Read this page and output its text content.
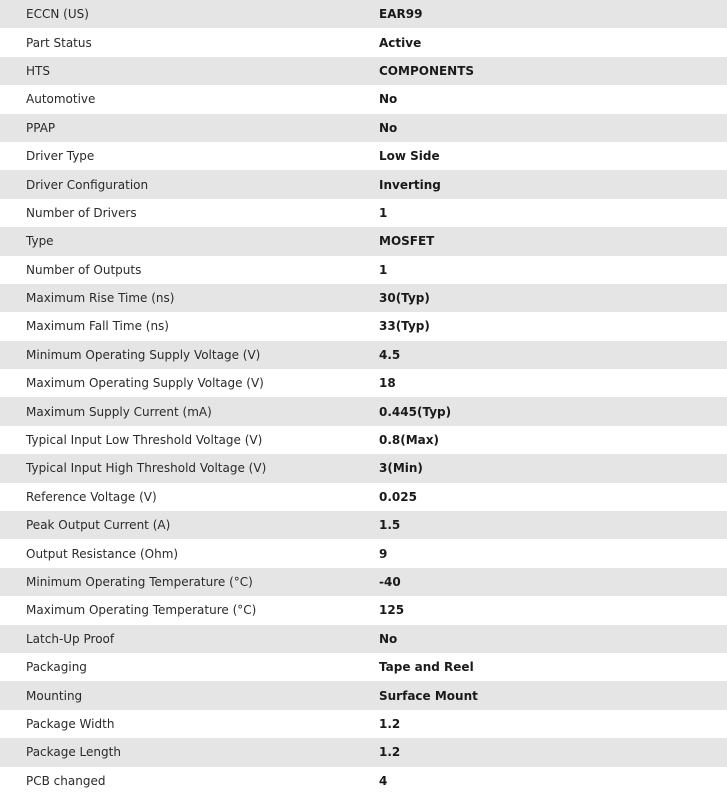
ECCN (US)	EAR99
Part Status	Active
HTS	COMPONENTS
Automotive	No
PPAP	No
Driver Type	Low Side
Driver Configuration	Inverting
Number of Drivers	1
Type	MOSFET
Number of Outputs	1
Maximum Rise Time (ns)	30(Typ)
Maximum Fall Time (ns)	33(Typ)
Minimum Operating Supply Voltage (V)	4.5
Maximum Operating Supply Voltage (V)	18
Maximum Supply Current (mA)	0.445(Typ)
Typical Input Low Threshold Voltage (V)	0.8(Max)
Typical Input High Threshold Voltage (V)	3(Min)
Reference Voltage (V)	0.025
Peak Output Current (A)	1.5
Output Resistance (Ohm)	9
Minimum Operating Temperature (°C)	-40
Maximum Operating Temperature (°C)	125
Latch-Up Proof	No
Packaging	Tape and Reel
Mounting	Surface Mount
Package Width	1.2
Package Length	1.2
PCB changed	4
